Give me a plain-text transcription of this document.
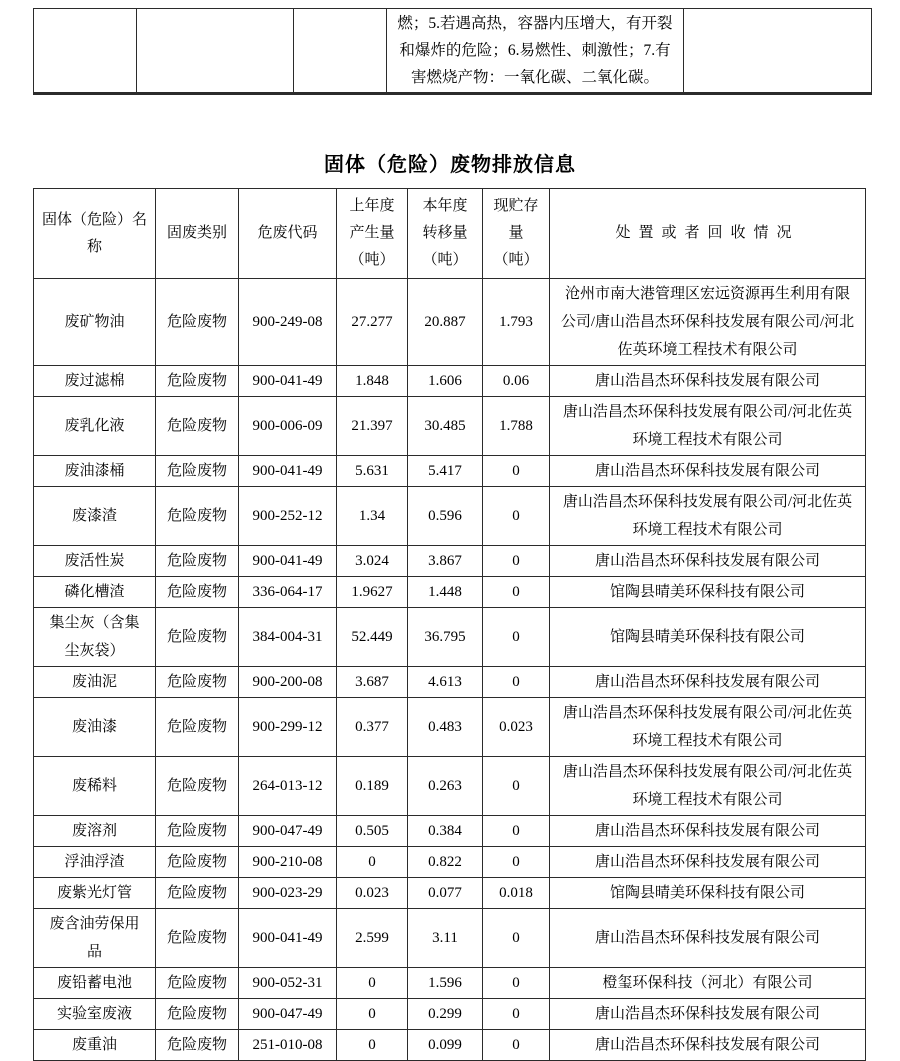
			燃；5.若遇高热，容器内压增大，有开裂和爆炸的危险；6.易燃性、刺激性；7.有害燃烧产物：一氧化碳、二氧化碳。	
固体（危险）废物排放信息
固体（危险）名称	固废类别	危废代码	上年度产生量（吨）	本年度转移量（吨）	现贮存量（吨）	处置或者回收情况
废矿物油	危险废物	900-249-08	27.277	20.887	1.793	沧州市南大港管理区宏远资源再生利用有限公司/唐山浩昌杰环保科技发展有限公司/河北佐英环境工程技术有限公司
废过滤棉	危险废物	900-041-49	1.848	1.606	0.06	唐山浩昌杰环保科技发展有限公司
废乳化液	危险废物	900-006-09	21.397	30.485	1.788	唐山浩昌杰环保科技发展有限公司/河北佐英环境工程技术有限公司
废油漆桶	危险废物	900-041-49	5.631	5.417	0	唐山浩昌杰环保科技发展有限公司
废漆渣	危险废物	900-252-12	1.34	0.596	0	唐山浩昌杰环保科技发展有限公司/河北佐英环境工程技术有限公司
废活性炭	危险废物	900-041-49	3.024	3.867	0	唐山浩昌杰环保科技发展有限公司
磷化槽渣	危险废物	336-064-17	1.9627	1.448	0	馆陶县晴美环保科技有限公司
集尘灰（含集尘灰袋）	危险废物	384-004-31	52.449	36.795	0	馆陶县晴美环保科技有限公司
废油泥	危险废物	900-200-08	3.687	4.613	0	唐山浩昌杰环保科技发展有限公司
废油漆	危险废物	900-299-12	0.377	0.483	0.023	唐山浩昌杰环保科技发展有限公司/河北佐英环境工程技术有限公司
废稀料	危险废物	264-013-12	0.189	0.263	0	唐山浩昌杰环保科技发展有限公司/河北佐英环境工程技术有限公司
废溶剂	危险废物	900-047-49	0.505	0.384	0	唐山浩昌杰环保科技发展有限公司
浮油浮渣	危险废物	900-210-08	0	0.822	0	唐山浩昌杰环保科技发展有限公司
废紫光灯管	危险废物	900-023-29	0.023	0.077	0.018	馆陶县晴美环保科技有限公司
废含油劳保用品	危险废物	900-041-49	2.599	3.11	0	唐山浩昌杰环保科技发展有限公司
废铅蓄电池	危险废物	900-052-31	0	1.596	0	橙玺环保科技（河北）有限公司
实验室废液	危险废物	900-047-49	0	0.299	0	唐山浩昌杰环保科技发展有限公司
废重油	危险废物	251-010-08	0	0.099	0	唐山浩昌杰环保科技发展有限公司
